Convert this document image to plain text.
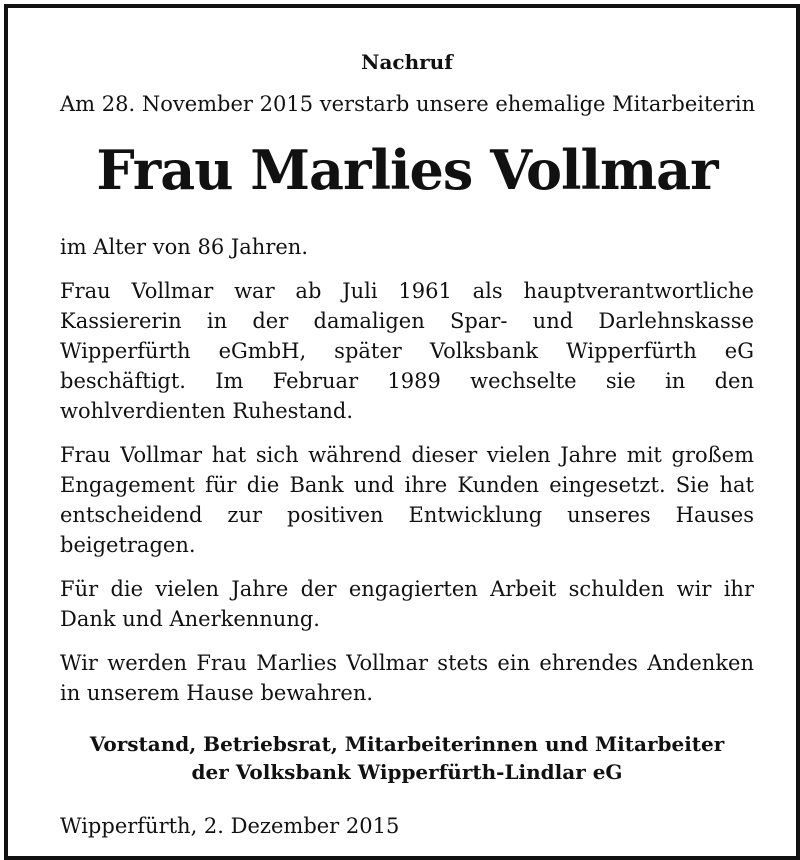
Nachruf

Am 28. November 2015 verstarb unsere ehemalige Mitarbeiterin

Frau Marlies Vollmar

im Alter von 86 Jahren.

Frau Vollmar war ab Juli 1961 als hauptverantwortliche Kassiererin in der damaligen Spar- und Darlehnskasse Wipperfürth eGmbH, später Volksbank Wipperfürth eG beschäftigt. Im Februar 1989 wechselte sie in den wohlverdienten Ruhestand.

Frau Vollmar hat sich während dieser vielen Jahre mit großem Engagement für die Bank und ihre Kunden eingesetzt. Sie hat entscheidend zur positiven Entwicklung unseres Hauses beigetragen.

Für die vielen Jahre der engagierten Arbeit schulden wir ihr Dank und Anerkennung.

Wir werden Frau Marlies Vollmar stets ein ehrendes Andenken in unserem Hause bewahren.

Vorstand, Betriebsrat, Mitarbeiterinnen und Mitarbeiter
der Volksbank Wipperfürth-Lindlar eG

Wipperfürth, 2. Dezember 2015
